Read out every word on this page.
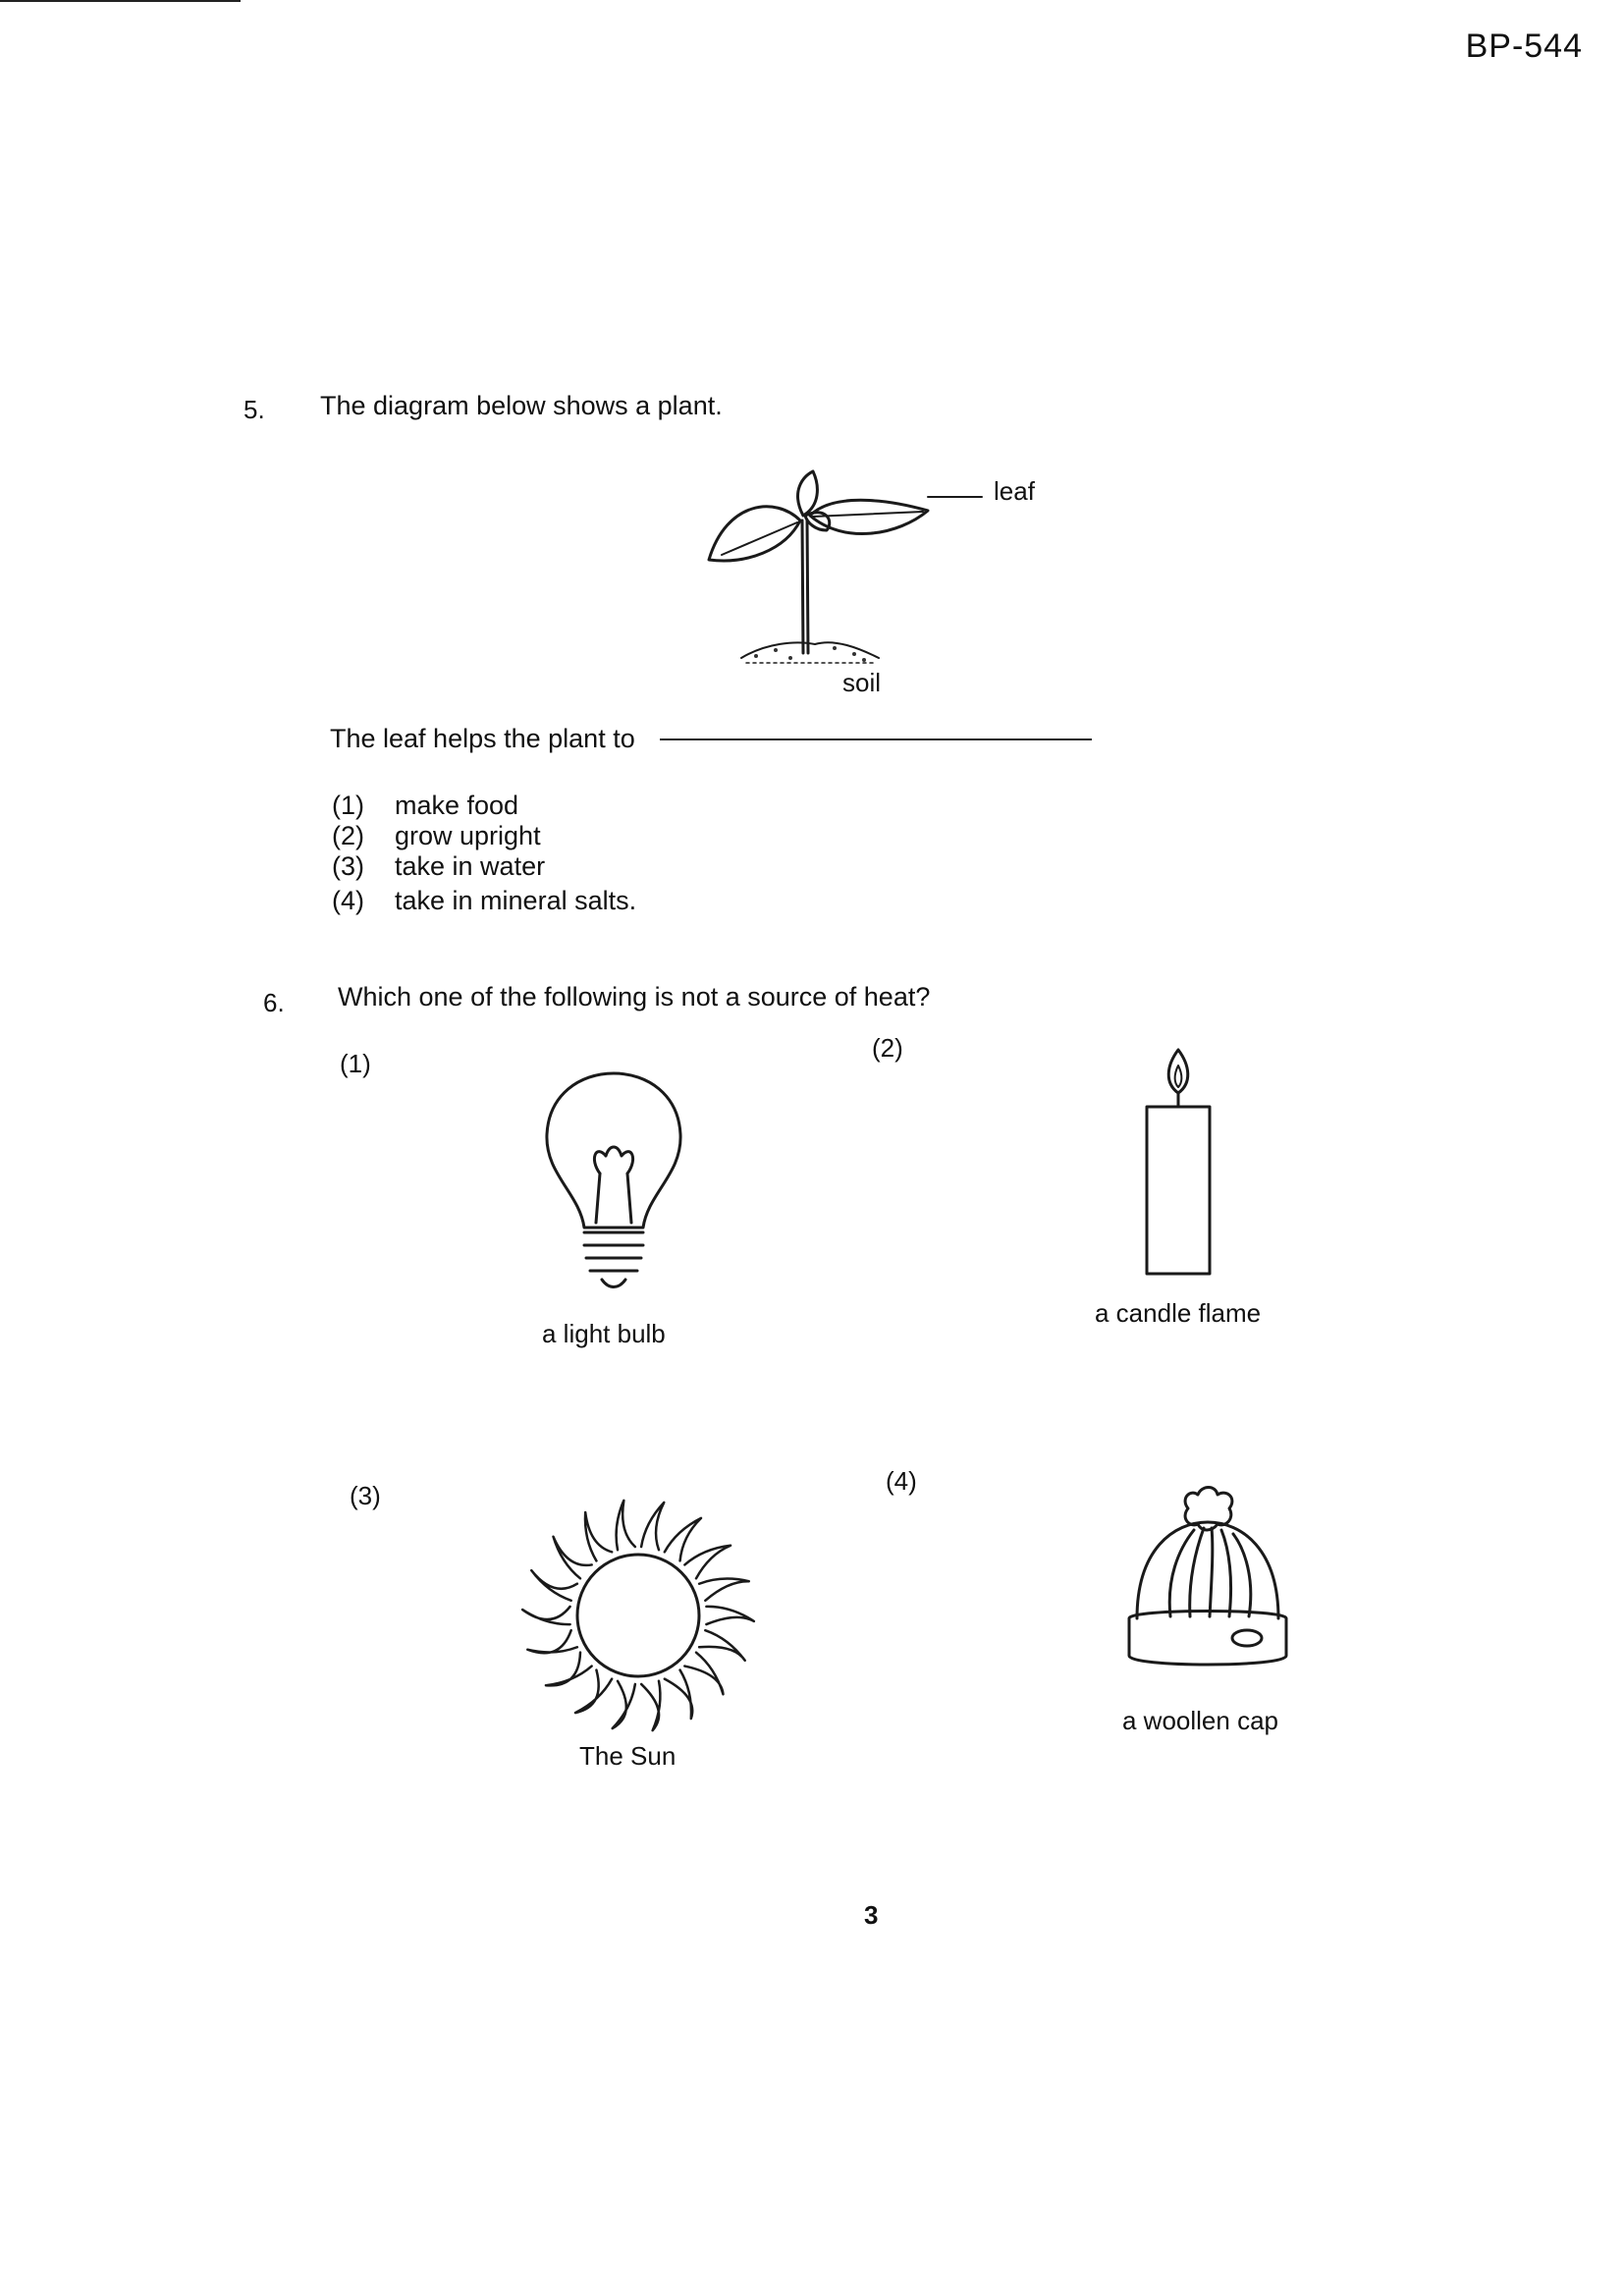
BP-544
5. The diagram below shows a plant.
leaf
soil
The leaf helps the plant to
(1) make food
(2) grow upright
(3) take in water
(4) take in mineral salts.
6. Which one of the following is not a source of heat?
(1)
a light bulb
(2)
a candle flame
(3)
The Sun
(4)
a woollen cap
3
